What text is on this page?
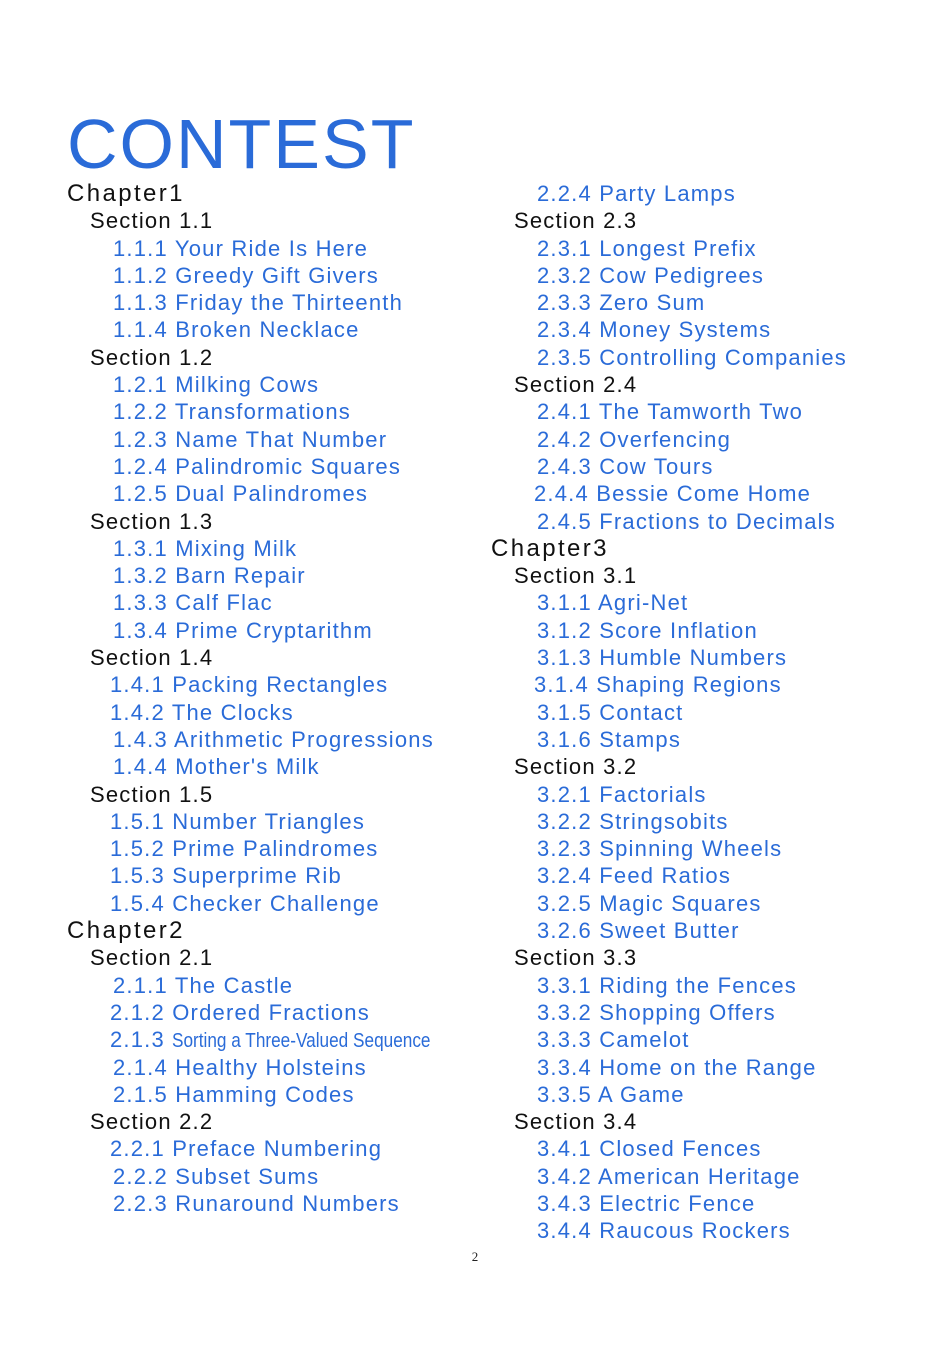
CONTEST
Chapter1
Section 1.1
1.1.1 Your Ride Is Here
1.1.2 Greedy Gift Givers
1.1.3 Friday the Thirteenth
1.1.4 Broken Necklace
Section 1.2
1.2.1 Milking Cows
1.2.2 Transformations
1.2.3 Name That Number
1.2.4 Palindromic Squares
1.2.5 Dual Palindromes
Section 1.3
1.3.1 Mixing Milk
1.3.2 Barn Repair
1.3.3 Calf Flac
1.3.4 Prime Cryptarithm
Section 1.4
1.4.1 Packing Rectangles
1.4.2 The Clocks
1.4.3 Arithmetic Progressions
1.4.4 Mother's Milk
Section 1.5
1.5.1 Number Triangles
1.5.2 Prime Palindromes
1.5.3 Superprime Rib
1.5.4 Checker Challenge
Chapter2
Section 2.1
2.1.1 The Castle
2.1.2 Ordered Fractions
2.1.3 Sorting a Three-Valued Sequence
2.1.4 Healthy Holsteins
2.1.5 Hamming Codes
Section 2.2
2.2.1 Preface Numbering
2.2.2 Subset Sums
2.2.3 Runaround Numbers
2.2.4 Party Lamps
Section 2.3
2.3.1 Longest Prefix
2.3.2 Cow Pedigrees
2.3.3 Zero Sum
2.3.4 Money Systems
2.3.5 Controlling Companies
Section 2.4
2.4.1 The Tamworth Two
2.4.2 Overfencing
2.4.3 Cow Tours
2.4.4 Bessie Come Home
2.4.5 Fractions to Decimals
Chapter3
Section 3.1
3.1.1 Agri-Net
3.1.2 Score Inflation
3.1.3 Humble Numbers
3.1.4 Shaping Regions
3.1.5 Contact
3.1.6 Stamps
Section 3.2
3.2.1 Factorials
3.2.2 Stringsobits
3.2.3 Spinning Wheels
3.2.4 Feed Ratios
3.2.5 Magic Squares
3.2.6 Sweet Butter
Section 3.3
3.3.1 Riding the Fences
3.3.2 Shopping Offers
3.3.3 Camelot
3.3.4 Home on the Range
3.3.5 A Game
Section 3.4
3.4.1 Closed Fences
3.4.2 American Heritage
3.4.3 Electric Fence
3.4.4 Raucous Rockers
2
